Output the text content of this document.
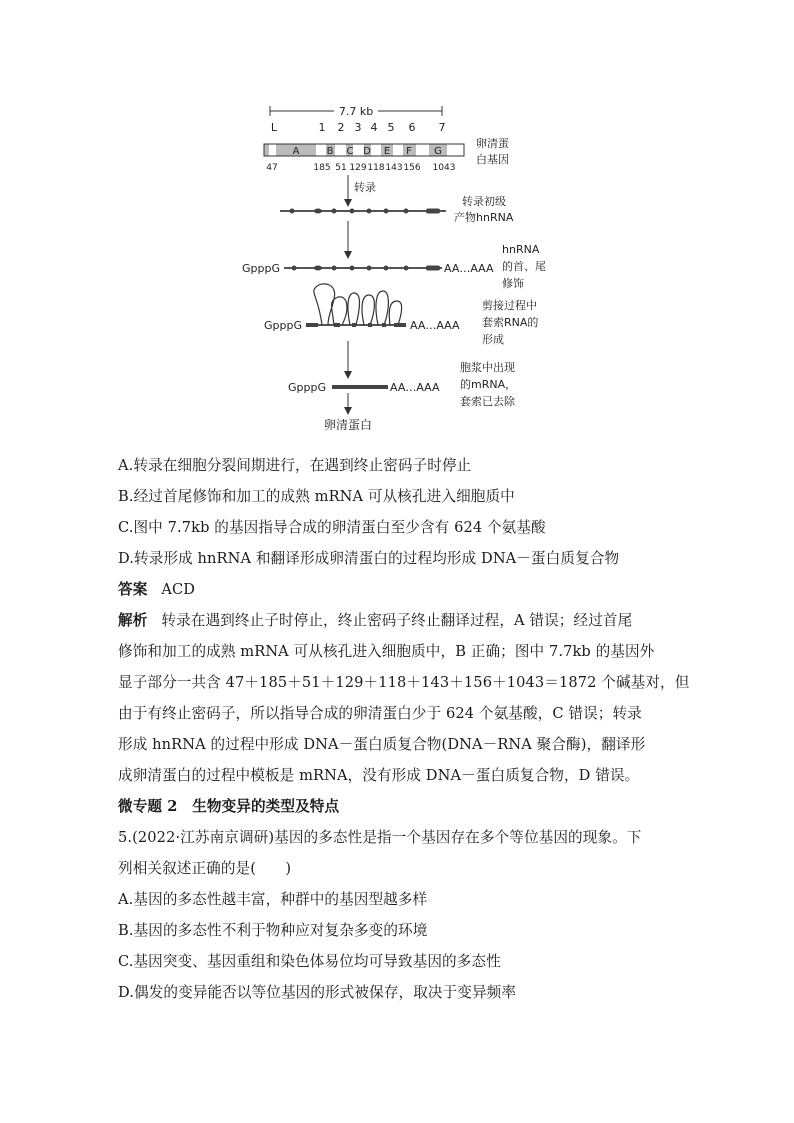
7.7 kb
L	1 2 3 4 5 6 7
A	B C D E F G
47	185 51 129 118 143 156 1043
卵清蛋
白基因
转录
转录初级
产物hnRNA
GpppG	AA…AAA
hnRNA
的首、尾
修饰
GpppG	AA…AAA
剪接过程中
套索RNA的
形成
GpppG	AA…AAA
胞浆中出现
的mRNA，
套索已去除
卵清蛋白
A.转录在细胞分裂间期进行，在遇到终止密码子时停止
B.经过首尾修饰和加工的成熟 mRNA 可从核孔进入细胞质中
C.图中 7.7kb 的基因指导合成的卵清蛋白至少含有 624 个氨基酸
D.转录形成 hnRNA 和翻译形成卵清蛋白的过程均形成 DNA－蛋白质复合物
答案 ACD
解析 转录在遇到终止子时停止，终止密码子终止翻译过程，A 错误；经过首尾
修饰和加工的成熟 mRNA 可从核孔进入细胞质中，B 正确；图中 7.7kb 的基因外
显子部分一共含 47＋185＋51＋129＋118＋143＋156＋1043＝1872 个碱基对，但
由于有终止密码子，所以指导合成的卵清蛋白少于 624 个氨基酸，C 错误；转录
形成 hnRNA 的过程中形成 DNA－蛋白质复合物(DNA－RNA 聚合酶)，翻译形
成卵清蛋白的过程中模板是 mRNA，没有形成 DNA－蛋白质复合物，D 错误。
微专题 2　生物变异的类型及特点
5.(2022·江苏南京调研)基因的多态性是指一个基因存在多个等位基因的现象。下
列相关叙述正确的是(　　)
A.基因的多态性越丰富，种群中的基因型越多样
B.基因的多态性不利于物种应对复杂多变的环境
C.基因突变、基因重组和染色体易位均可导致基因的多态性
D.偶发的变异能否以等位基因的形式被保存，取决于变异频率
